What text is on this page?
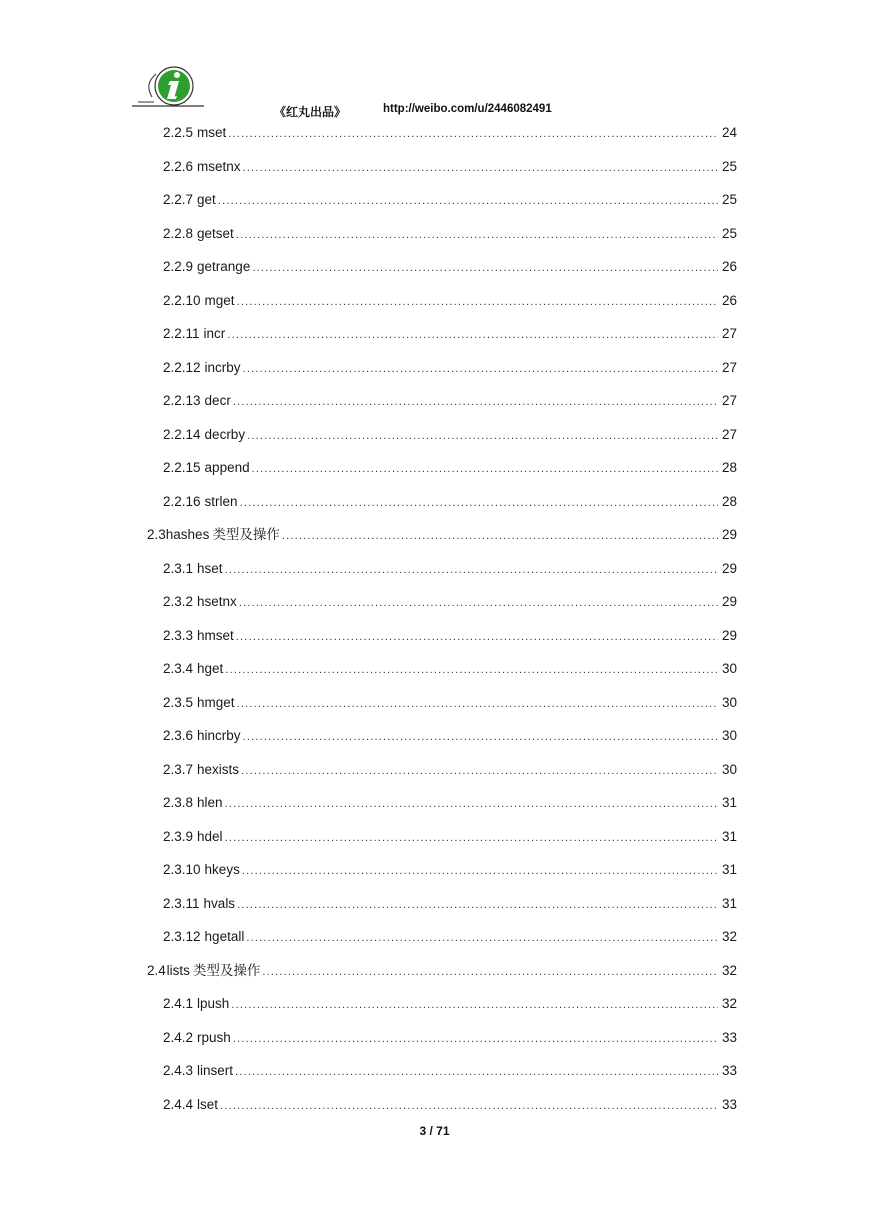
《红丸出品》	http://weibo.com/u/2446082491
2.2.5 mset .....	24
2.2.6 msetnx .....	25
2.2.7 get .....	25
2.2.8 getset .....	25
2.2.9 getrange .....	26
2.2.10 mget .....	26
2.2.11 incr .....	27
2.2.12 incrby .....	27
2.2.13 decr .....	27
2.2.14 decrby .....	27
2.2.15 append .....	28
2.2.16 strlen .....	28
2.3 hashes 类型及操作 .....	29
2.3.1 hset .....	29
2.3.2 hsetnx .....	29
2.3.3 hmset .....	29
2.3.4 hget .....	30
2.3.5 hmget .....	30
2.3.6 hincrby .....	30
2.3.7 hexists .....	30
2.3.8 hlen .....	31
2.3.9 hdel .....	31
2.3.10 hkeys .....	31
2.3.11 hvals .....	31
2.3.12 hgetall .....	32
2.4 lists 类型及操作 .....	32
2.4.1 lpush .....	32
2.4.2 rpush .....	33
2.4.3 linsert .....	33
2.4.4 lset .....	33
3 / 71
